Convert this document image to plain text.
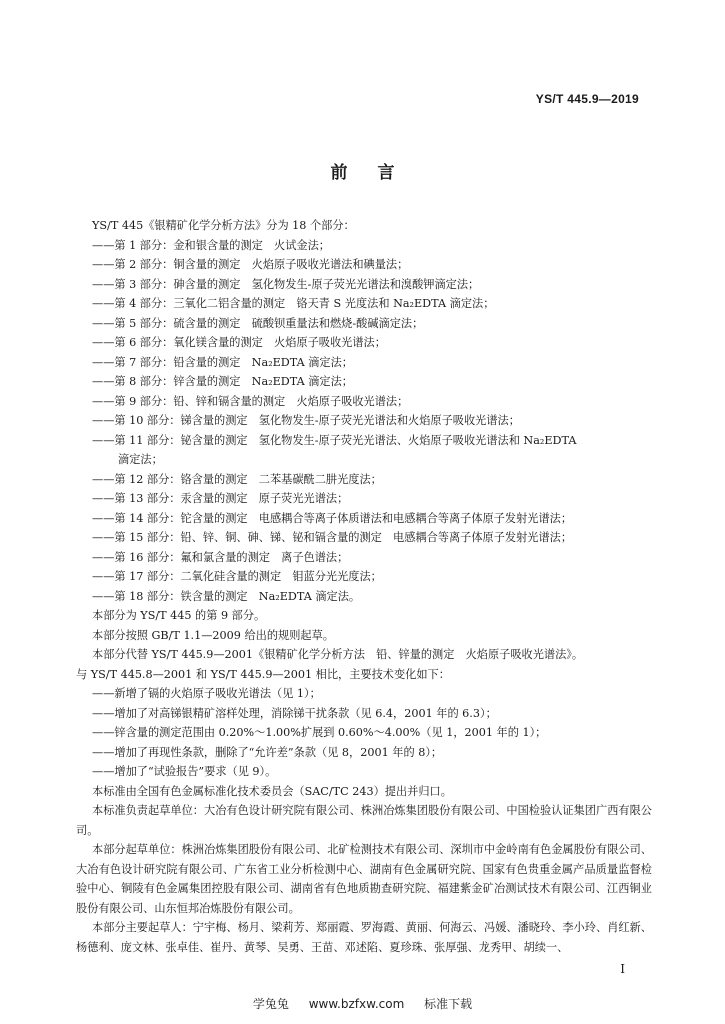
YS/T 445.9—2019
前言
YS/T 445《银精矿化学分析方法》分为 18 个部分：
——第 1 部分：金和银含量的测定　火试金法；
——第 2 部分：铜含量的测定　火焰原子吸收光谱法和碘量法；
——第 3 部分：砷含量的测定　氢化物发生-原子荧光光谱法和溴酸钾滴定法；
——第 4 部分：三氧化二铝含量的测定　铬天青 S 光度法和 Na₂EDTA 滴定法；
——第 5 部分：硫含量的测定　硫酸钡重量法和燃烧-酸碱滴定法；
——第 6 部分：氧化镁含量的测定　火焰原子吸收光谱法；
——第 7 部分：铅含量的测定　Na₂EDTA 滴定法；
——第 8 部分：锌含量的测定　Na₂EDTA 滴定法；
——第 9 部分：铅、锌和镉含量的测定　火焰原子吸收光谱法；
——第 10 部分：锑含量的测定　氢化物发生-原子荧光光谱法和火焰原子吸收光谱法；
——第 11 部分：铋含量的测定　氢化物发生-原子荧光光谱法、火焰原子吸收光谱法和 Na₂EDTA
滴定法；
——第 12 部分：铬含量的测定　二苯基碳酰二肼光度法；
——第 13 部分：汞含量的测定　原子荧光光谱法；
——第 14 部分：铊含量的测定　电感耦合等离子体质谱法和电感耦合等离子体原子发射光谱法；
——第 15 部分：铅、锌、铜、砷、锑、铋和镉含量的测定　电感耦合等离子体原子发射光谱法；
——第 16 部分：氟和氯含量的测定　离子色谱法；
——第 17 部分：二氧化硅含量的测定　钼蓝分光光度法；
——第 18 部分：铁含量的测定　Na₂EDTA 滴定法。
本部分为 YS/T 445 的第 9 部分。
本部分按照 GB/T 1.1—2009 给出的规则起草。
本部分代替 YS/T 445.9—2001《银精矿化学分析方法　铅、锌量的测定　火焰原子吸收光谱法》。
与 YS/T 445.8—2001 和 YS/T 445.9—2001 相比，主要技术变化如下：
——新增了镉的火焰原子吸收光谱法（见 1）；
——增加了对高锑银精矿溶样处理，消除锑干扰条款（见 6.4，2001 年的 6.3）；
——锌含量的测定范围由 0.20%～1.00%扩展到 0.60%～4.00%（见 1，2001 年的 1）；
——增加了再现性条款，删除了“允许差”条款（见 8，2001 年的 8）；
——增加了“试验报告”要求（见 9）。
本标准由全国有色金属标准化技术委员会（SAC/TC 243）提出并归口。
本标准负责起草单位：大冶有色设计研究院有限公司、株洲冶炼集团股份有限公司、中国检验认证集团广西有限公司。
本部分起草单位：株洲冶炼集团股份有限公司、北矿检测技术有限公司、深圳市中金岭南有色金属股份有限公司、大冶有色设计研究院有限公司、广东省工业分析检测中心、湖南有色金属研究院、国家有色贵重金属产品质量监督检验中心、铜陵有色金属集团控股有限公司、湖南省有色地质勘查研究院、福建紫金矿冶测试技术有限公司、江西铜业股份有限公司、山东恒邦冶炼股份有限公司。
本部分主要起草人：宁宇梅、杨月、梁莉芳、郑丽霞、罗海霞、黄丽、何海云、冯媛、潘晓玲、李小玲、肖红新、杨德利、庞文林、张卓佳、崔丹、黄琴、吴勇、王苗、邓述陷、夏珍珠、张厚强、龙秀甲、胡续一、
I
学兔兔 www.bzfxw.com 标准下载
